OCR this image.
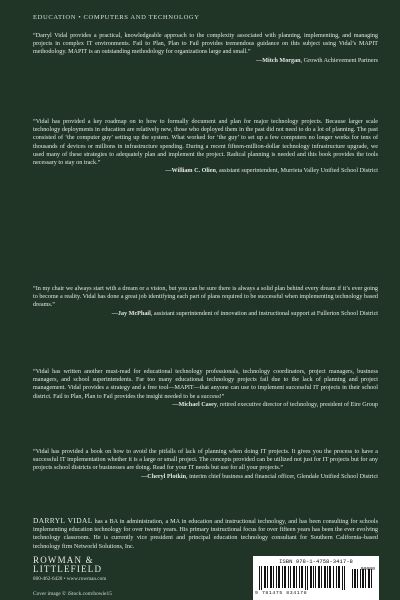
EDUCATION • COMPUTERS AND TECHNOLOGY
“Darryl Vidal provides a practical, knowledgeable approach to the complexity associated with planning, implementing, and managing projects in complex IT environments. Fail to Plan, Plan to Fail provides tremendous guidance on this subject using Vidal’s MAPIT methodology. MAPIT is an outstanding methodology for organizations large and small.”
—Mitch Morgan, Growth Achievement Partners
“Vidal has provided a key roadmap on to how to formally document and plan for major technology projects. Because larger scale technology deployments in education are relatively new, those who deployed them in the past did not need to do a lot of planning. The past consisted of ‘the computer guy’ setting up the system. What worked for ‘the guy’ to set up a few computers no longer works for tens of thousands of devices or millions in infrastructure spending. During a recent fifteen-million-dollar technology infrastructure upgrade, we used many of these strategies to adequately plan and implement the project. Radical planning is needed and this book provides the tools necessary to stay on track.”
—William C. Olien, assistant superintendent, Murrieta Valley Unified School District
“In my chair we always start with a dream or a vision, but you can be sure there is always a solid plan behind every dream if it’s ever going to become a reality. Vidal has done a great job identifying each part of plans required to be successful when implementing technology based dreams.”
—Jay McPhail, assistant superintendent of innovation and instructional support at Fullerton School District
“Vidal has written another must-read for educational technology professionals, technology coordinators, project managers, business managers, and school superintendents. Far too many educational technology projects fail due to the lack of planning and project management. Vidal provides a strategy and a free tool—MAPIT—that anyone can use to implement successful IT projects in their school district. Fail to Plan, Plan to Fail provides the insight needed to be a success!”
—Michael Casey, retired executive director of technology, president of Eire Group
“Vidal has provided a book on how to avoid the pitfalls of lack of planning when doing IT projects. It gives you the process to have a successful IT implementation whether it is a large or small project. The concepts provided can be utilized not just for IT projects but for any projects school districts or businesses are doing. Read for your IT needs but use for all your projects.”
—Cheryl Plotkin, interim chief business and financial officer, Glendale Unified School District
DARRYL VIDAL has a BA in administration, a MA in education and instructional technology, and has been consulting for schools implementing education technology for over twenty years. His primary instructional focus for over fifteen years has been the ever evolving technology classroom. He is currently vice president and principal education technology consultant for Southern California–based technology firm Networld Solutions, Inc.
ROWMAN &
LITTLEFIELD
800-462-6420 • www.rowman.com
Cover image © iStock.com/bowie15
ISBN 978-1-4758-3417-8
90000
9 781475 834178
